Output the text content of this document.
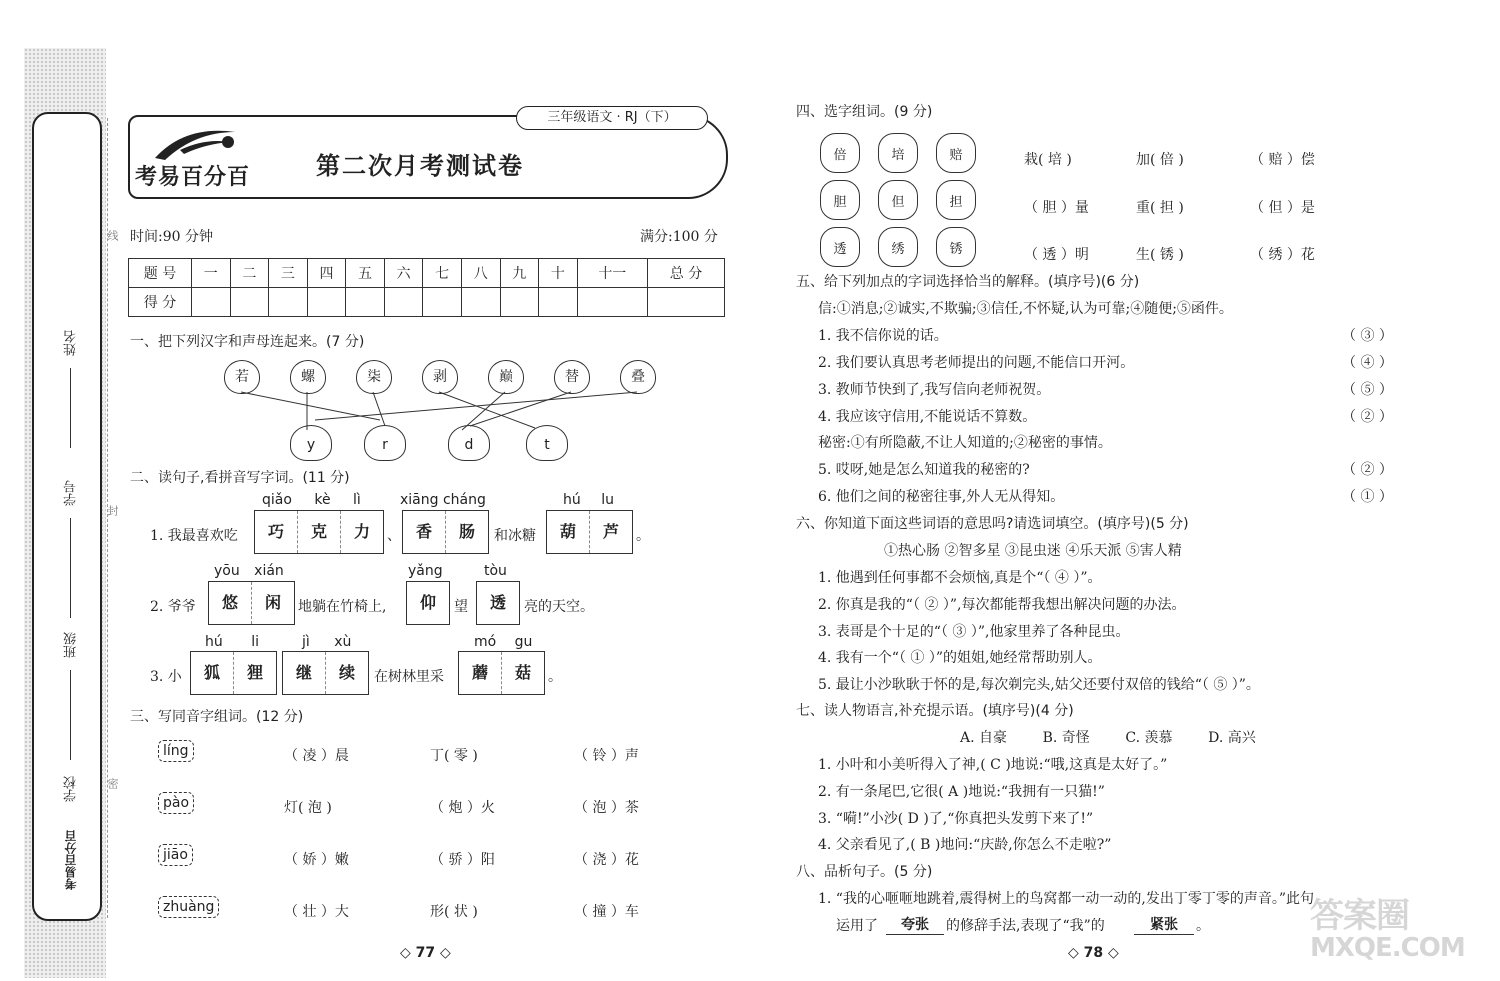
姓名
学号
班级
学校
考易百分百
线
封
密
考易百分百
三年级语文 · RJ（下）
第二次月考测试卷
时间:90 分钟	满分:100 分
题 号	一	二	三	四	五	六	七	八	九	十	十一	总 分
得 分												
一、把下列汉字和声母连起来。(7 分)
若	螺	柒	剥	巅	替	叠
y	r	d	t
二、读句子,看拼音写字词。(11 分)
1. 我最喜欢吃
qiǎo kè lì
巧	克	力	、
xiāng cháng
香	肠	和冰糖
hú lu
葫	芦	。
2. 爷爷
yōu xián
悠	闲	地躺在竹椅上,
yǎng
仰	望
tòu
透	亮的天空。
3. 小
hú li
狐	狸
jì xù
继	续	在树林里采
mó gu
蘑	菇	。
三、写同音字组词。(12 分)
líng	（ 凌 ）晨	丁( 零 )	（ 铃 ）声
pào	灯( 泡 )	（ 炮 ）火	（ 泡 ）茶
jiāo	（ 娇 ）嫩	（ 骄 ）阳	（ 浇 ）花
zhuàng	（ 壮 ）大	形( 状 )	（ 撞 ）车
◇ 77 ◇
四、选字组词。(9 分)
倍	培	赔
胆	但	担
透	绣	锈
栽( 培 )	加( 倍 )	（ 赔 ）偿
（ 胆 ）量	重( 担 )	（ 但 ）是
（ 透 ）明	生( 锈 )	（ 绣 ）花
五、给下列加点的字词选择恰当的解释。(填序号)(6 分)
信:①消息;②诚实,不欺骗;③信任,不怀疑,认为可靠;④随便;⑤函件。
1. 我不信你说的话。	（ ③ ）
2. 我们要认真思考老师提出的问题,不能信口开河。	（ ④ ）
3. 教师节快到了,我写信向老师祝贺。	（ ⑤ ）
4. 我应该守信用,不能说话不算数。	（ ② ）
秘密:①有所隐蔽,不让人知道的;②秘密的事情。
5. 哎呀,她是怎么知道我的秘密的?	（ ② ）
6. 他们之间的秘密往事,外人无从得知。	（ ① ）
六、你知道下面这些词语的意思吗?请选词填空。(填序号)(5 分)
①热心肠 ②智多星 ③昆虫迷 ④乐天派 ⑤害人精
1. 他遇到任何事都不会烦恼,真是个“（ ④ ）”。
2. 你真是我的“（ ② ）”,每次都能帮我想出解决问题的办法。
3. 表哥是个十足的“（ ③ ）”,他家里养了各种昆虫。
4. 我有一个“（ ① ）”的姐姐,她经常帮助别人。
5. 最让小沙耿耿于怀的是,每次剃完头,姑父还要付双倍的钱给“（ ⑤ ）”。
七、读人物语言,补充提示语。(填序号)(4 分)
A. 自豪        B. 奇怪        C. 羡慕        D. 高兴
1. 小叶和小美听得入了神,( C )地说:“哦,这真是太好了。”
2. 有一条尾巴,它很( A )地说:“我拥有一只猫!”
3. “嗬!”小沙( D )了,“你真把头发剪下来了!”
4. 父亲看见了,( B )地问:“庆龄,你怎么不走啦?”
八、品析句子。(5 分)
1. “我的心咂咂地跳着,震得树上的鸟窝都一动一动的,发出丁零丁零的声音。”此句
运用了	夸张	的修辞手法,表现了“我”的	紧张	。
◇ 78 ◇
答案圈
MXQE.COM
